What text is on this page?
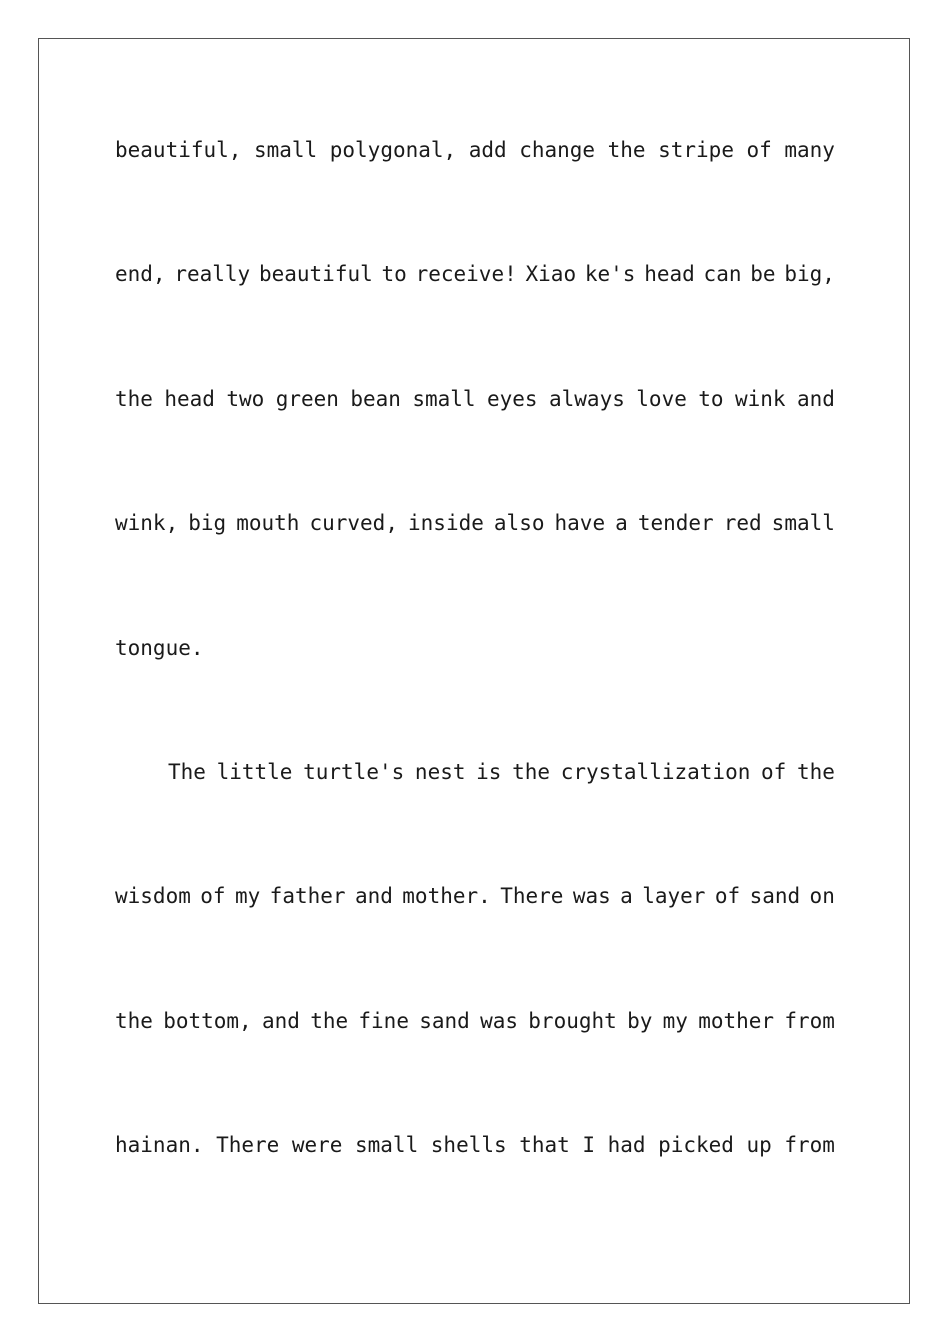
beautiful, small polygonal, add change the stripe of many
end, really beautiful to receive! Xiao ke's head can be big,
the head two green bean small eyes always love to wink and
wink, big mouth curved, inside also have a tender red small
tongue.
The little turtle's nest is the crystallization of the
wisdom of my father and mother. There was a layer of sand on
the bottom, and the fine sand was brought by my mother from
hainan. There were small shells that I had picked up from
